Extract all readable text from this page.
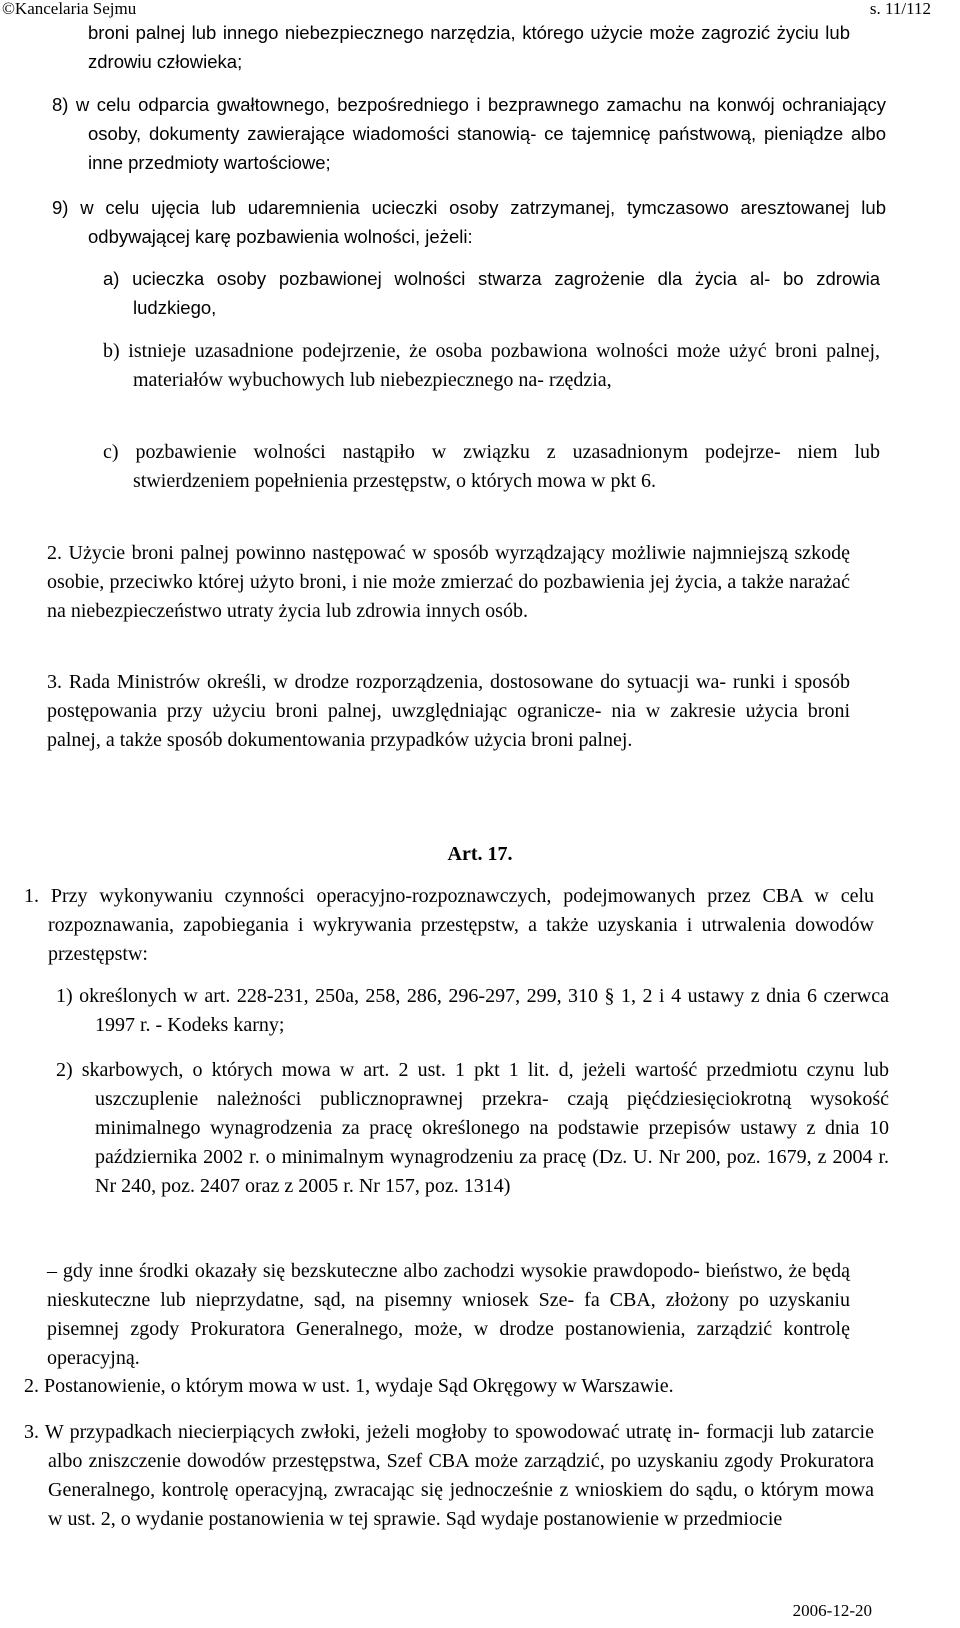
©Kancelaria Sejmu	s. 11/112
broni palnej lub innego niebezpiecznego narzędzia, którego użycie może zagrozić życiu lub zdrowiu człowieka;
8) w celu odparcia gwałtownego, bezpośredniego i bezprawnego zamachu na konwój ochraniający osoby, dokumenty zawierające wiadomości stanowią- ce tajemnicę państwową, pieniądze albo inne przedmioty wartościowe;
9) w celu ujęcia lub udaremnienia ucieczki osoby zatrzymanej, tymczasowo aresztowanej lub odbywającej karę pozbawienia wolności, jeżeli:
a) ucieczka osoby pozbawionej wolności stwarza zagrożenie dla życia al- bo zdrowia ludzkiego,
b) istnieje uzasadnione podejrzenie, że osoba pozbawiona wolności może użyć broni palnej, materiałów wybuchowych lub niebezpiecznego na- rzędzia,
c) pozbawienie wolności nastąpiło w związku z uzasadnionym podejrze- niem lub stwierdzeniem popełnienia przestępstw, o których mowa w pkt 6.
2. Użycie broni palnej powinno następować w sposób wyrządzający możliwie najmniejszą szkodę osobie, przeciwko której użyto broni, i nie może zmierzać do pozbawienia jej życia, a także narażać na niebezpieczeństwo utraty życia lub zdrowia innych osób.
3. Rada Ministrów określi, w drodze rozporządzenia, dostosowane do sytuacji wa- runki i sposób postępowania przy użyciu broni palnej, uwzględniając ogranicze- nia w zakresie użycia broni palnej, a także sposób dokumentowania przypadków użycia broni palnej.
Art. 17.
1. Przy wykonywaniu czynności operacyjno-rozpoznawczych, podejmowanych przez CBA w celu rozpoznawania, zapobiegania i wykrywania przestępstw, a także uzyskania i utrwalenia dowodów przestępstw:
1) określonych w art. 228-231, 250a, 258, 286, 296-297, 299, 310 § 1, 2 i 4 ustawy z dnia 6 czerwca 1997 r. - Kodeks karny;
2) skarbowych, o których mowa w art. 2 ust. 1 pkt 1 lit. d, jeżeli wartość przedmiotu czynu lub uszczuplenie należności publicznoprawnej przekra- czają pięćdziesięciokrotną wysokość minimalnego wynagrodzenia za pracę określonego na podstawie przepisów ustawy z dnia 10 października 2002 r. o minimalnym wynagrodzeniu za pracę (Dz. U. Nr 200, poz. 1679, z 2004 r. Nr 240, poz. 2407 oraz z 2005 r. Nr 157, poz. 1314)
– gdy inne środki okazały się bezskuteczne albo zachodzi wysokie prawdopodo- bieństwo, że będą nieskuteczne lub nieprzydatne, sąd, na pisemny wniosek Sze- fa CBA, złożony po uzyskaniu pisemnej zgody Prokuratora Generalnego, może, w drodze postanowienia, zarządzić kontrolę operacyjną.
2. Postanowienie, o którym mowa w ust. 1, wydaje Sąd Okręgowy w Warszawie.
3. W przypadkach niecierpiących zwłoki, jeżeli mogłoby to spowodować utratę in- formacji lub zatarcie albo zniszczenie dowodów przestępstwa, Szef CBA może zarządzić, po uzyskaniu zgody Prokuratora Generalnego, kontrolę operacyjną, zwracając się jednocześnie z wnioskiem do sądu, o którym mowa w ust. 2, o wydanie postanowienia w tej sprawie. Sąd wydaje postanowienie w przedmiocie
2006-12-20
